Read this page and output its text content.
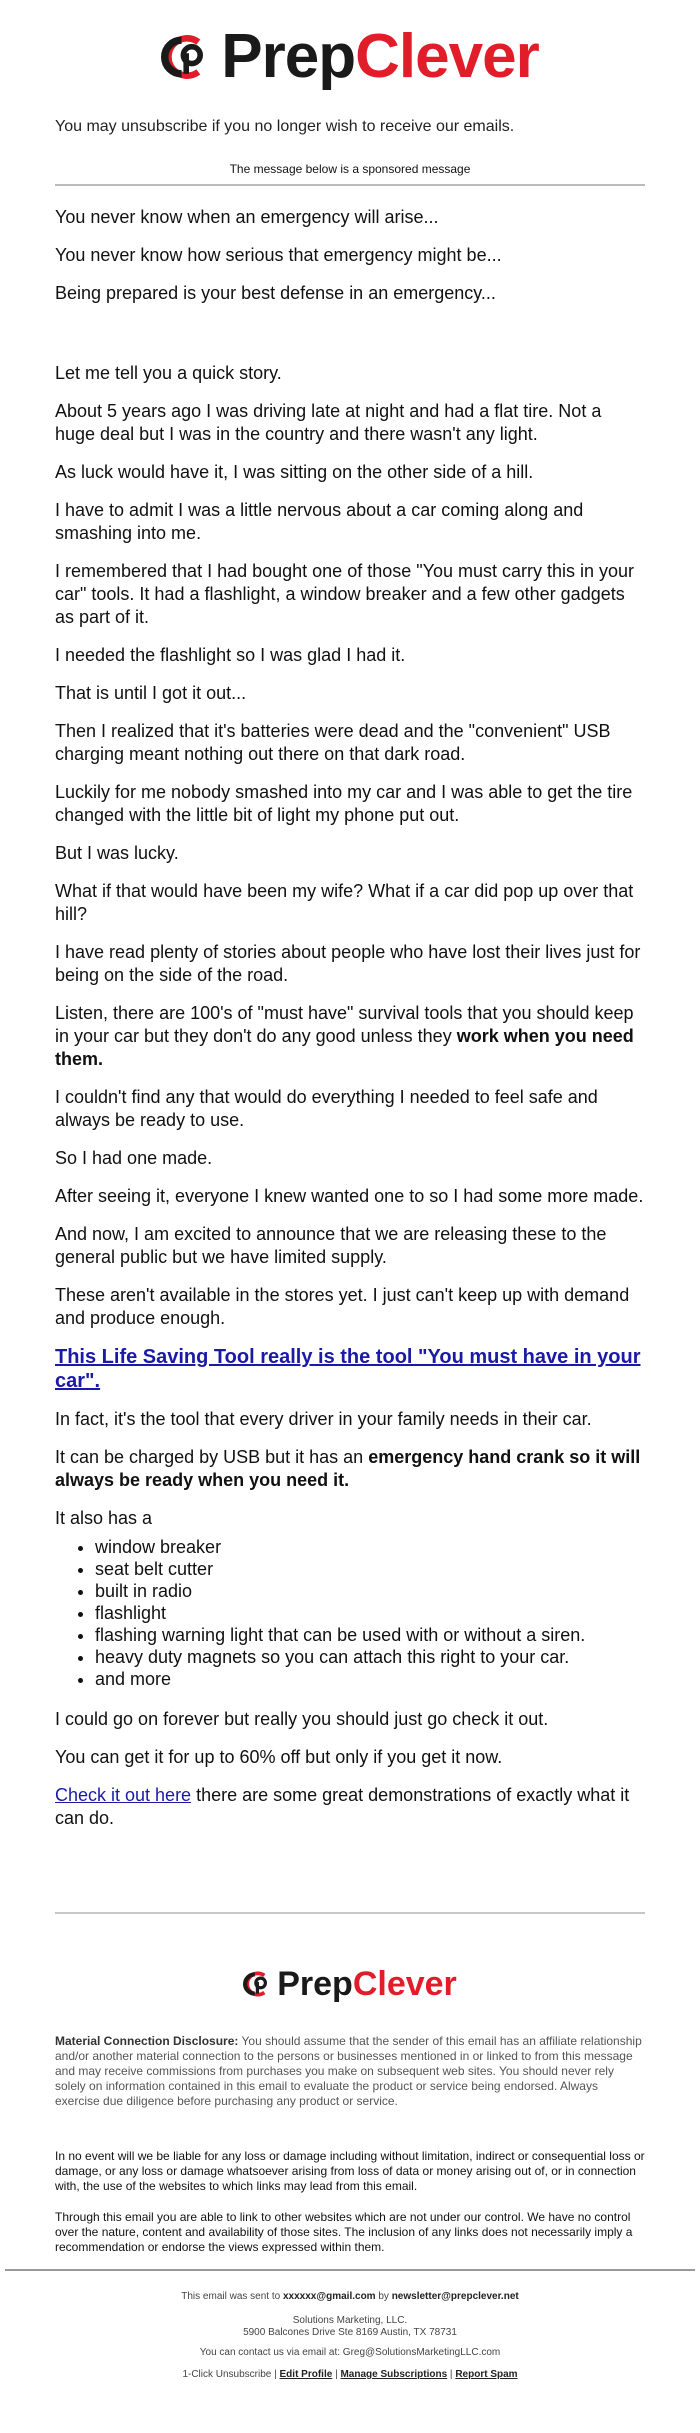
PrepClever

You may unsubscribe if you no longer wish to receive our emails.

The message below is a sponsored message

You never know when an emergency will arise...

You never know how serious that emergency might be...

Being prepared is your best defense in an emergency...

Let me tell you a quick story.

About 5 years ago I was driving late at night and had a flat tire. Not a huge deal but I was in the country and there wasn't any light.

As luck would have it, I was sitting on the other side of a hill.

I have to admit I was a little nervous about a car coming along and smashing into me.

I remembered that I had bought one of those "You must carry this in your car" tools. It had a flashlight, a window breaker and a few other gadgets as part of it.

I needed the flashlight so I was glad I had it.

That is until I got it out...

Then I realized that it's batteries were dead and the "convenient" USB charging meant nothing out there on that dark road.

Luckily for me nobody smashed into my car and I was able to get the tire changed with the little bit of light my phone put out.

But I was lucky.

What if that would have been my wife? What if a car did pop up over that hill?

I have read plenty of stories about people who have lost their lives just for being on the side of the road.

Listen, there are 100's of "must have" survival tools that you should keep in your car but they don't do any good unless they work when you need them.

I couldn't find any that would do everything I needed to feel safe and always be ready to use.

So I had one made.

After seeing it, everyone I knew wanted one to so I had some more made.

And now, I am excited to announce that we are releasing these to the general public but we have limited supply.

These aren't available in the stores yet. I just can't keep up with demand and produce enough.

This Life Saving Tool really is the tool "You must have in your car".

In fact, it's the tool that every driver in your family needs in their car.

It can be charged by USB but it has an emergency hand crank so it will always be ready when you need it.

It also has a

• window breaker
• seat belt cutter
• built in radio
• flashlight
• flashing warning light that can be used with or without a siren.
• heavy duty magnets so you can attach this right to your car.
• and more

I could go on forever but really you should just go check it out.

You can get it for up to 60% off but only if you get it now.

Check it out here there are some great demonstrations of exactly what it can do.

PrepClever

Material Connection Disclosure: You should assume that the sender of this email has an affiliate relationship and/or another material connection to the persons or businesses mentioned in or linked to from this message and may receive commissions from purchases you make on subsequent web sites. You should never rely solely on information contained in this email to evaluate the product or service being endorsed. Always exercise due diligence before purchasing any product or service.

In no event will we be liable for any loss or damage including without limitation, indirect or consequential loss or damage, or any loss or damage whatsoever arising from loss of data or money arising out of, or in connection with, the use of the websites to which links may lead from this email.

Through this email you are able to link to other websites which are not under our control. We have no control over the nature, content and availability of those sites. The inclusion of any links does not necessarily imply a recommendation or endorse the views expressed within them.

This email was sent to xxxxxx@gmail.com by newsletter@prepclever.net

Solutions Marketing, LLC.

5900 Balcones Drive Ste 8169 Austin, TX 78731

You can contact us via email at: Greg@SolutionsMarketingLLC.com

1-Click Unsubscribe | Edit Profile | Manage Subscriptions | Report Spam
